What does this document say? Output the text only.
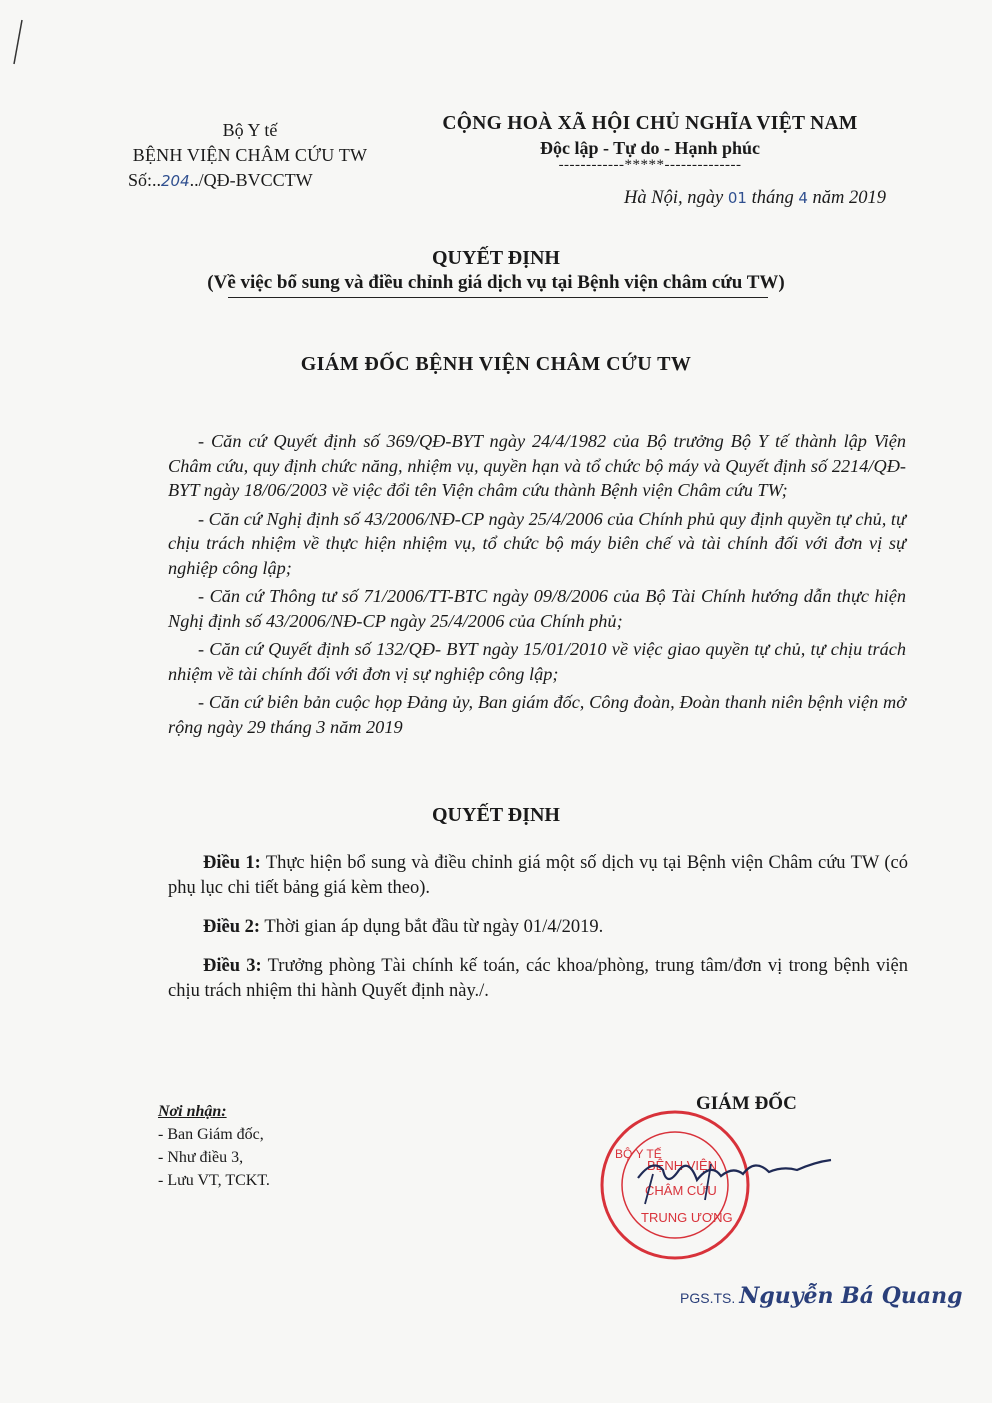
Bộ Y tế
BỆNH VIỆN CHÂM CỨU TW
Số:..204../QĐ-BVCCTW
CỘNG HOÀ XÃ HỘI CHỦ NGHĨA VIỆT NAM
Độc lập - Tự do - Hạnh phúc
------------*****--------------
Hà Nội, ngày 01 tháng 4 năm 2019
QUYẾT ĐỊNH
(Về việc bổ sung và điều chỉnh giá dịch vụ tại Bệnh viện châm cứu TW)
GIÁM ĐỐC BỆNH VIỆN CHÂM CỨU TW

- Căn cứ Quyết định số 369/QĐ-BYT ngày 24/4/1982 của Bộ trưởng Bộ Y tế thành lập Viện Châm cứu, quy định chức năng, nhiệm vụ, quyền hạn và tổ chức bộ máy và Quyết định số 2214/QĐ-BYT ngày 18/06/2003 về việc đổi tên Viện châm cứu thành Bệnh viện Châm cứu TW;

- Căn cứ Nghị định số 43/2006/NĐ-CP ngày 25/4/2006 của Chính phủ quy định quyền tự chủ, tự chịu trách nhiệm về thực hiện nhiệm vụ, tổ chức bộ máy biên chế và tài chính đối với đơn vị sự nghiệp công lập;

- Căn cứ Thông tư số 71/2006/TT-BTC ngày 09/8/2006 của Bộ Tài Chính hướng dẫn thực hiện Nghị định số 43/2006/NĐ-CP ngày 25/4/2006 của Chính phủ;

- Căn cứ Quyết định số 132/QĐ- BYT ngày 15/01/2010 về việc giao quyền tự chủ, tự chịu trách nhiệm về tài chính đối với đơn vị sự nghiệp công lập;

- Căn cứ biên bản cuộc họp Đảng ủy, Ban giám đốc, Công đoàn, Đoàn thanh niên bệnh viện mở rộng ngày 29 tháng 3 năm 2019

QUYẾT ĐỊNH

Điều 1: Thực hiện bổ sung và điều chỉnh giá một số dịch vụ tại Bệnh viện Châm cứu TW (có phụ lục chi tiết bảng giá kèm theo).

Điều 2: Thời gian áp dụng bắt đầu từ ngày 01/4/2019.

Điều 3: Trưởng phòng Tài chính kế toán, các khoa/phòng, trung tâm/đơn vị trong bệnh viện chịu trách nhiệm thi hành Quyết định này./.

Nơi nhận:
- Ban Giám đốc,
- Như điều 3,
- Lưu VT, TCKT.
GIÁM ĐỐC
BỆNH VIỆN
CHÂM CỨU
TRUNG ƯƠNG
BỘ Y TẾ
PGS.TS. Nguyễn Bá Quang
